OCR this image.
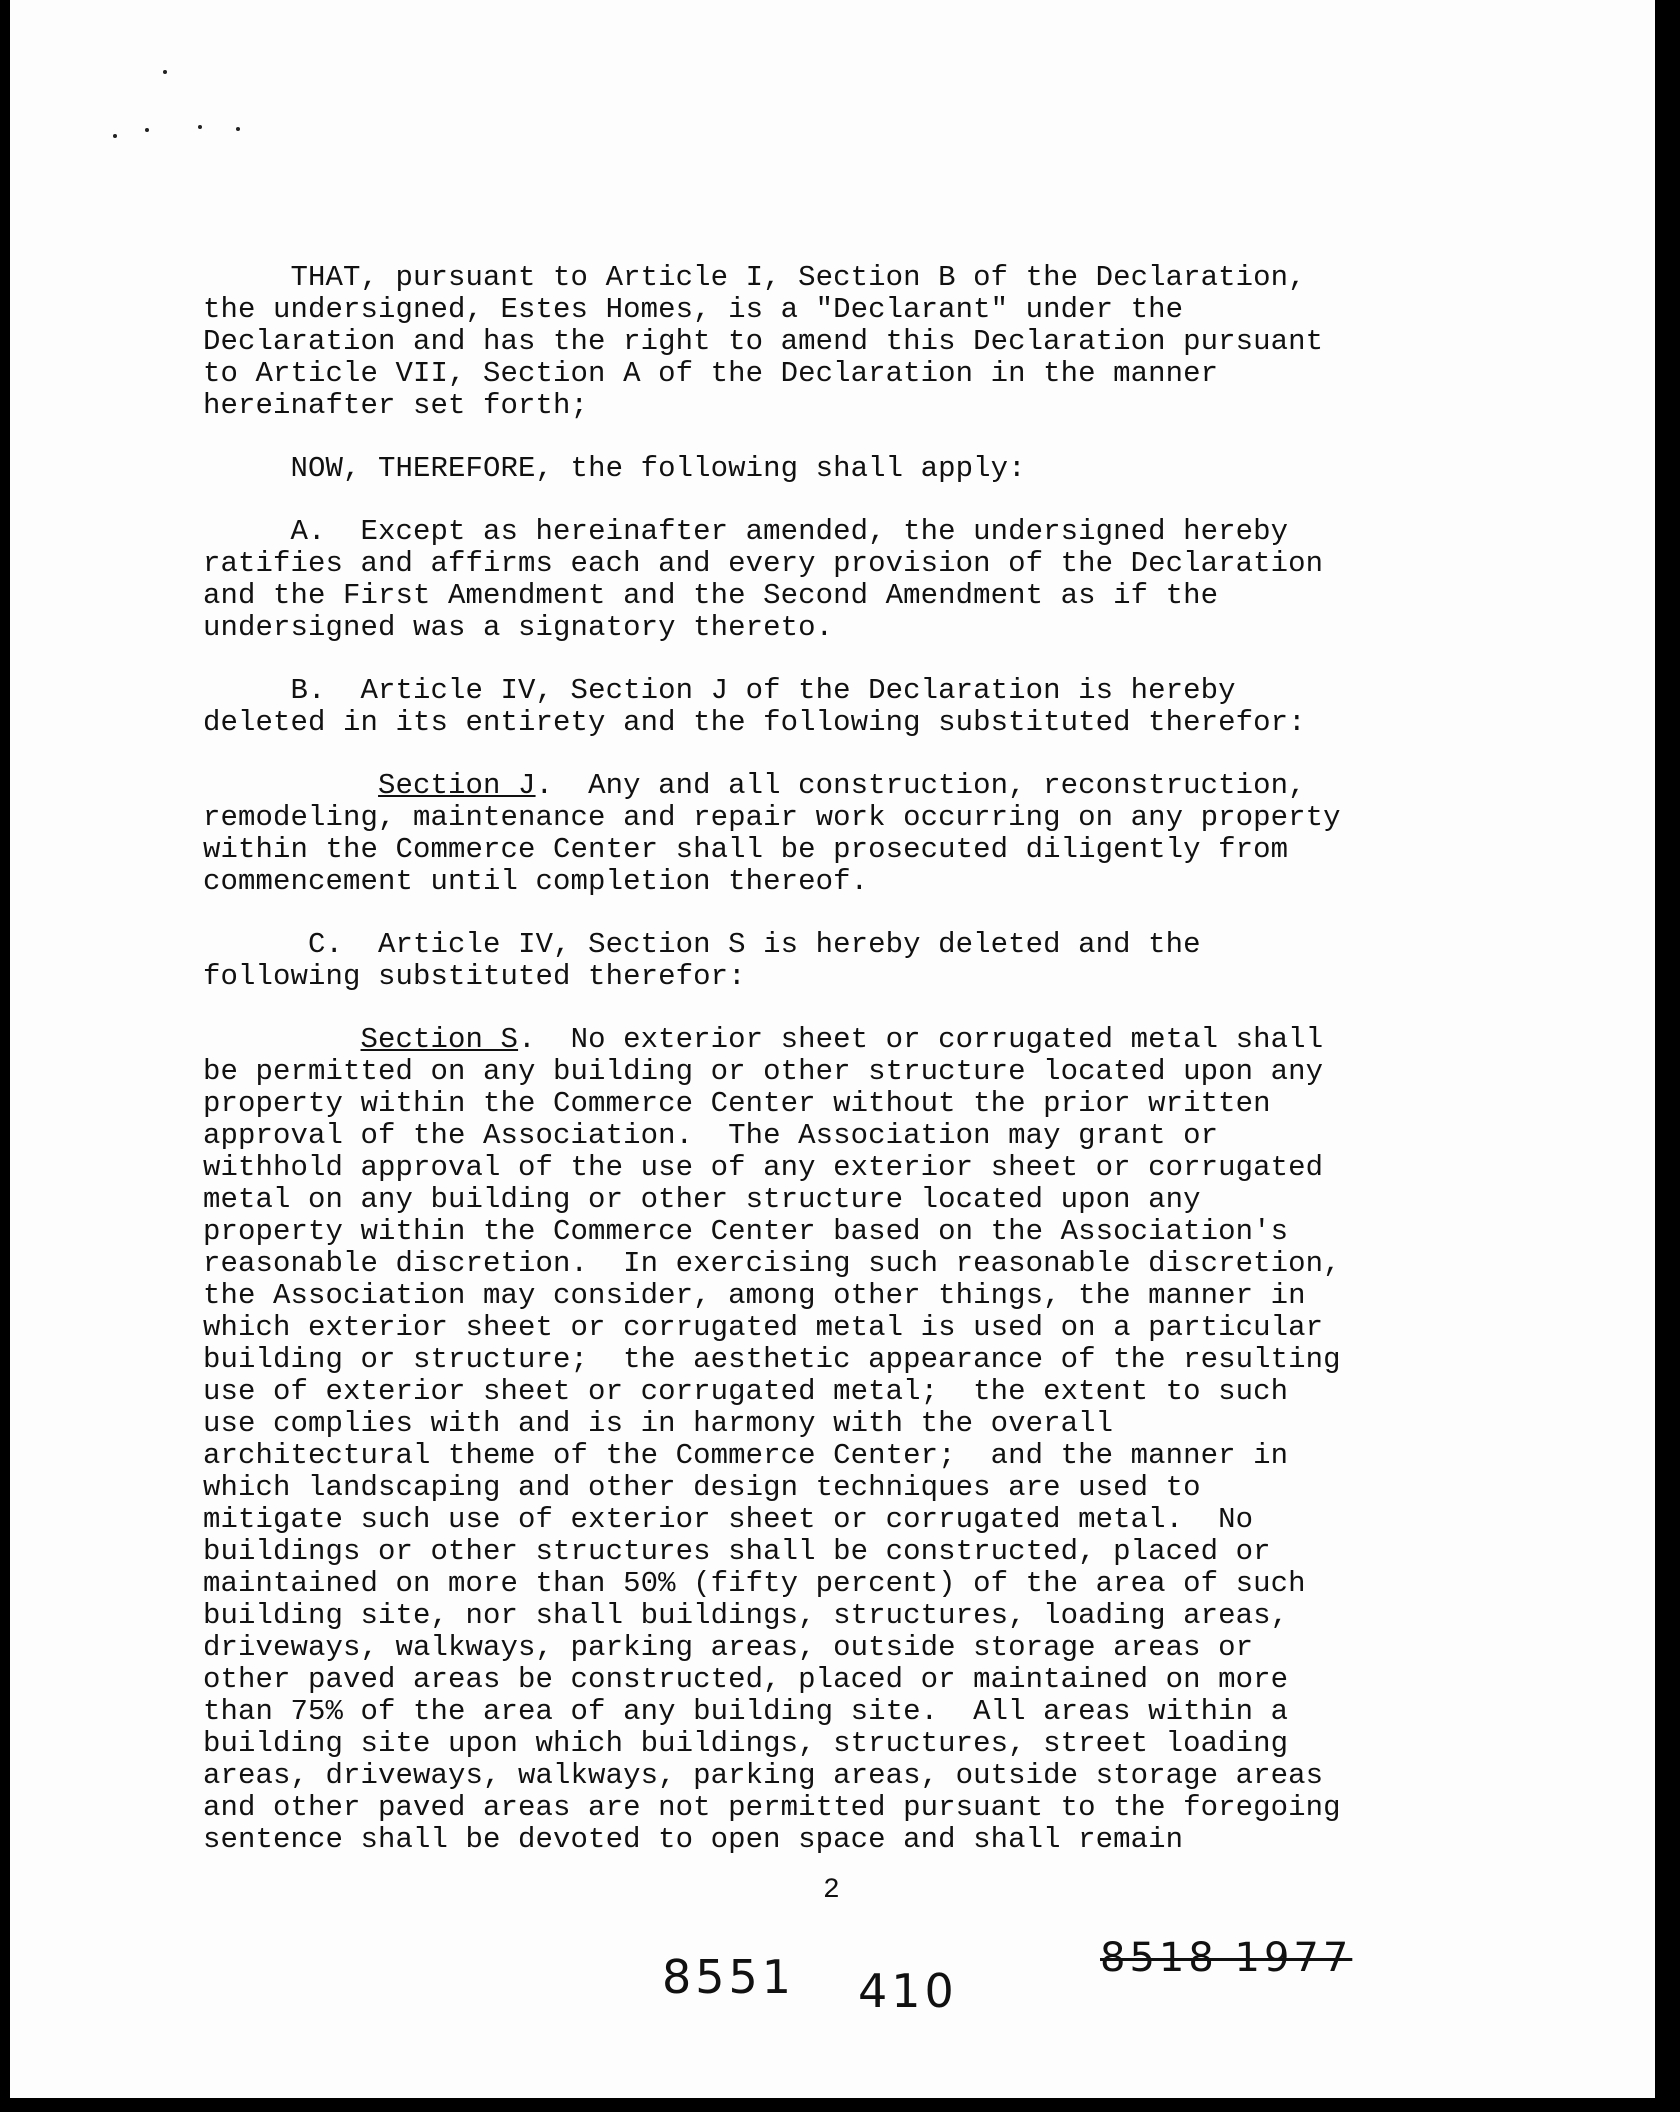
THAT, pursuant to Article I, Section B of the Declaration,
the undersigned, Estes Homes, is a "Declarant" under the
Declaration and has the right to amend this Declaration pursuant
to Article VII, Section A of the Declaration in the manner
hereinafter set forth;

NOW, THEREFORE, the following shall apply:

A.  Except as hereinafter amended, the undersigned hereby
ratifies and affirms each and every provision of the Declaration
and the First Amendment and the Second Amendment as if the
undersigned was a signatory thereto.

B.  Article IV, Section J of the Declaration is hereby
deleted in its entirety and the following substituted therefor:

Section J.  Any and all construction, reconstruction,
remodeling, maintenance and repair work occurring on any property
within the Commerce Center shall be prosecuted diligently from
commencement until completion thereof.

C.  Article IV, Section S is hereby deleted and the
following substituted therefor:

Section S.  No exterior sheet or corrugated metal shall
be permitted on any building or other structure located upon any
property within the Commerce Center without the prior written
approval of the Association.  The Association may grant or
withhold approval of the use of any exterior sheet or corrugated
metal on any building or other structure located upon any
property within the Commerce Center based on the Association's
reasonable discretion.  In exercising such reasonable discretion,
the Association may consider, among other things, the manner in
which exterior sheet or corrugated metal is used on a particular
building or structure;  the aesthetic appearance of the resulting
use of exterior sheet or corrugated metal;  the extent to such
use complies with and is in harmony with the overall
architectural theme of the Commerce Center;  and the manner in
which landscaping and other design techniques are used to
mitigate such use of exterior sheet or corrugated metal.  No
buildings or other structures shall be constructed, placed or
maintained on more than 50% (fifty percent) of the area of such
building site, nor shall buildings, structures, loading areas,
driveways, walkways, parking areas, outside storage areas or
other paved areas be constructed, placed or maintained on more
than 75% of the area of any building site.  All areas within a
building site upon which buildings, structures, street loading
areas, driveways, walkways, parking areas, outside storage areas
and other paved areas are not permitted pursuant to the foregoing
sentence shall be devoted to open space and shall remain

2
8551 410
8518 1977
